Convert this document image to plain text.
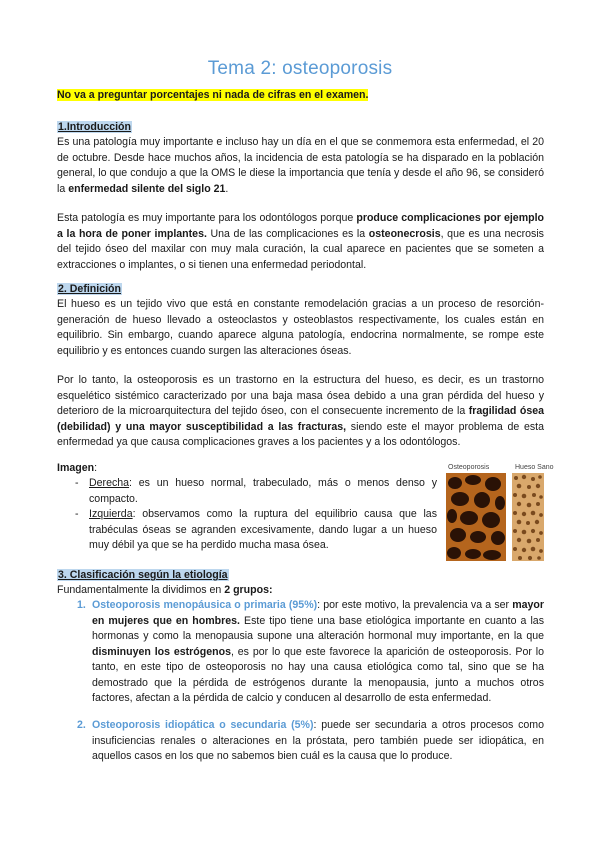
Tema 2: osteoporosis
No va a preguntar porcentajes ni nada de cifras en el examen.
1.Introducción
Es una patología muy importante e incluso hay un día en el que se conmemora esta enfermedad, el 20 de octubre. Desde hace muchos años, la incidencia de esta patología se ha disparado en la población general, lo que condujo a que la OMS le diese la importancia que tenía y desde el año 96, se consideró la enfermedad silente del siglo 21.
Esta patología es muy importante para los odontólogos porque produce complicaciones por ejemplo a la hora de poner implantes. Una de las complicaciones es la osteonecrosis, que es una necrosis del tejido óseo del maxilar con muy mala curación, la cual aparece en pacientes que se someten a extracciones o implantes, o si tienen una enfermedad periodontal.
2. Definición
El hueso es un tejido vivo que está en constante remodelación gracias a un proceso de resorción-generación de hueso llevado a osteoclastos y osteoblastos respectivamente, los cuales están en equilibrio. Sin embargo, cuando aparece alguna patología, endocrina normalmente, se rompe este equilibrio y es entonces cuando surgen las alteraciones óseas.
Por lo tanto, la osteoporosis es un trastorno en la estructura del hueso, es decir, es un trastorno esquelético sistémico caracterizado por una baja masa ósea debido a una gran pérdida del hueso y deterioro de la microarquitectura del tejido óseo, con el consecuente incremento de la fragilidad ósea (debilidad) y una mayor susceptibilidad a las fracturas, siendo este el mayor problema de esta enfermedad ya que causa complicaciones graves a los pacientes y a los odontólogos.
Imagen:
- Derecha: es un hueso normal, trabeculado, más o menos denso y compacto.
- Izquierda: observamos como la ruptura del equilibrio causa que las trabéculas óseas se agranden excesivamente, dando lugar a un hueso muy débil ya que se ha perdido mucha masa ósea.
Osteoporosis	Hueso Sano
3. Clasificación según la etiología
Fundamentalmente la dividimos en 2 grupos:
1. Osteoporosis menopáusica o primaria (95%): por este motivo, la prevalencia va a ser mayor en mujeres que en hombres. Este tipo tiene una base etiológica importante en cuanto a las hormonas y como la menopausia supone una alteración hormonal muy importante, en la que disminuyen los estrógenos, es por lo que este favorece la aparición de osteoporosis. Por lo tanto, en este tipo de osteoporosis no hay una causa etiológica como tal, sino que se ha demostrado que la pérdida de estrógenos durante la menopausia, junto a muchos otros factores, afectan a la pérdida de calcio y conducen al desarrollo de esta enfermedad.
2. Osteoporosis idiopática o secundaria (5%): puede ser secundaria a otros procesos como insuficiencias renales o alteraciones en la próstata, pero también puede ser idiopática, en aquellos casos en los que no sabemos bien cuál es la causa que lo produce.
